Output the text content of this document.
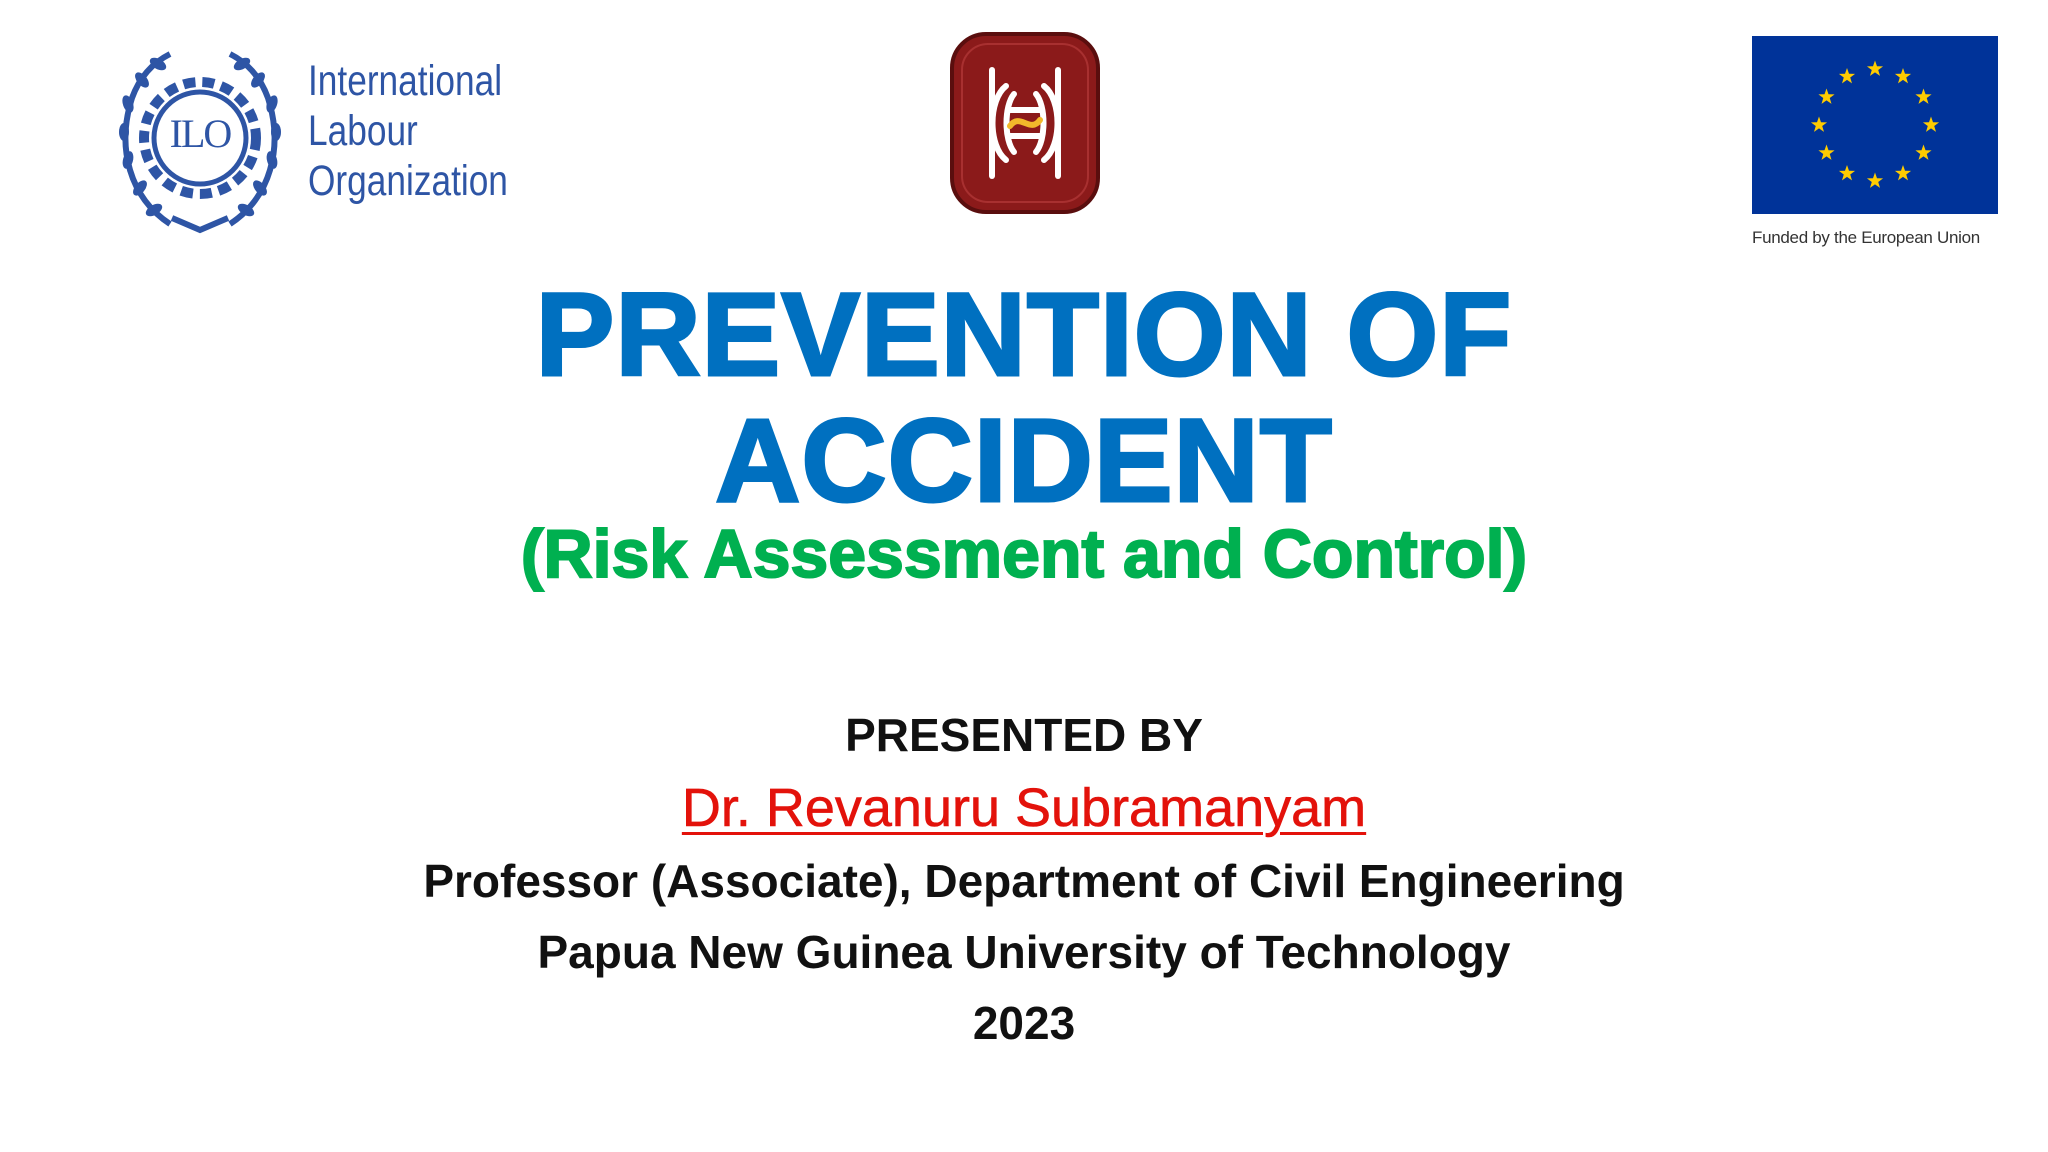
ILO
International
Labour
Organization
Funded by the European Union
PREVENTION OF
ACCIDENT
(Risk Assessment and Control)
PRESENTED BY
Dr. Revanuru Subramanyam
Professor (Associate), Department of Civil Engineering
Papua New Guinea University of Technology
2023
